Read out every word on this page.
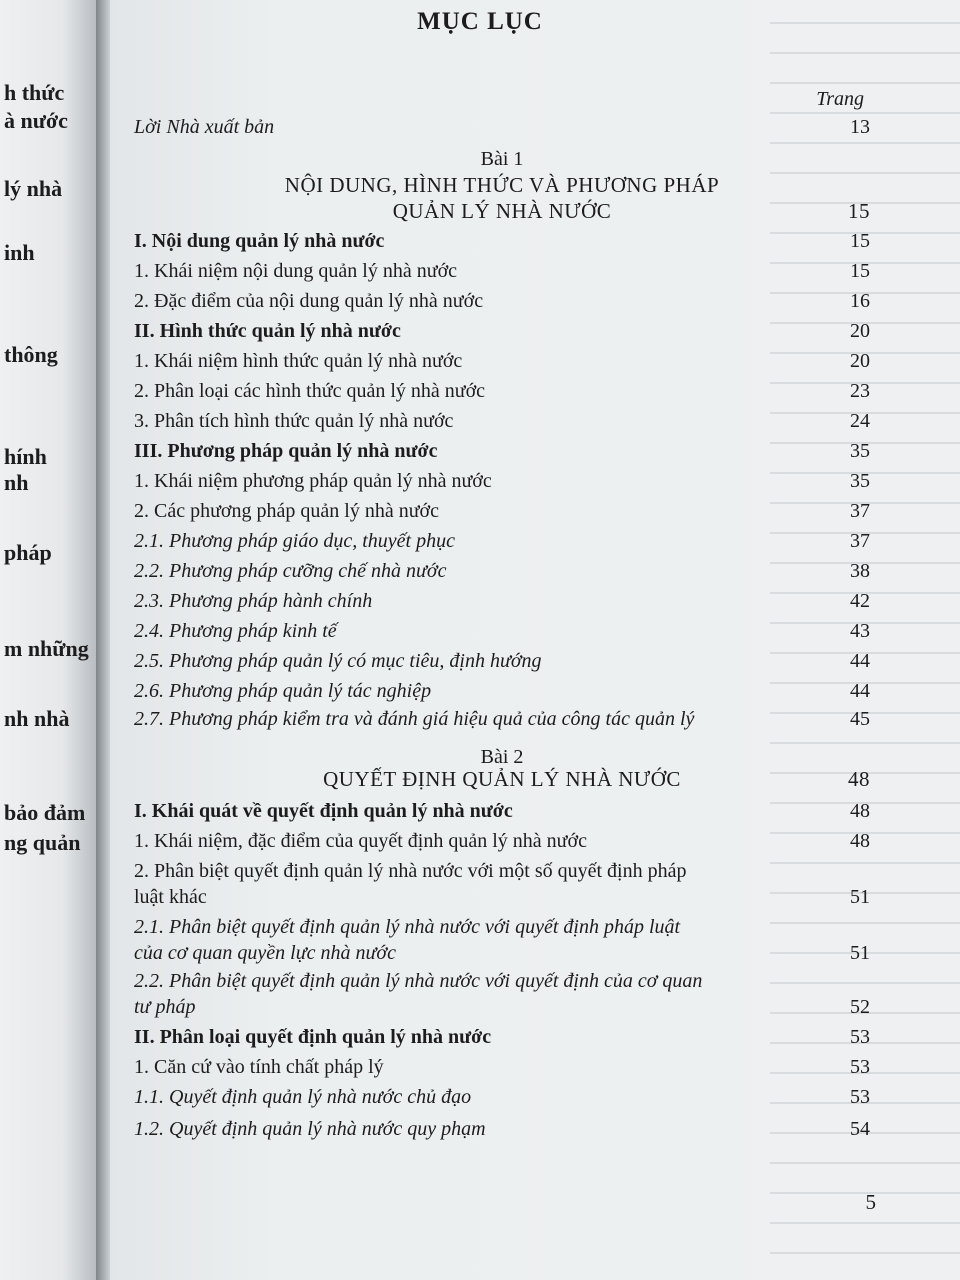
h thức
à nước
lý nhà
inh
thông
hính
nh
pháp
m những
nh nhà
bảo đảm
ng quản
MỤC LỤC
Trang
Lời Nhà xuất bản	13
Bài 1
NỘI DUNG, HÌNH THỨC VÀ PHƯƠNG PHÁP
QUẢN LÝ NHÀ NƯỚC	15
I. Nội dung quản lý nhà nước	15
1. Khái niệm nội dung quản lý nhà nước	15
2. Đặc điểm của nội dung quản lý nhà nước	16
II. Hình thức quản lý nhà nước	20
1. Khái niệm hình thức quản lý nhà nước	20
2. Phân loại các hình thức quản lý nhà nước	23
3. Phân tích hình thức quản lý nhà nước	24
III. Phương pháp quản lý nhà nước	35
1. Khái niệm phương pháp quản lý nhà nước	35
2. Các phương pháp quản lý nhà nước	37
2.1. Phương pháp giáo dục, thuyết phục	37
2.2. Phương pháp cưỡng chế nhà nước	38
2.3. Phương pháp hành chính	42
2.4. Phương pháp kinh tế	43
2.5. Phương pháp quản lý có mục tiêu, định hướng	44
2.6. Phương pháp quản lý tác nghiệp	44
2.7. Phương pháp kiểm tra và đánh giá hiệu quả của công tác quản lý	45
Bài 2
QUYẾT ĐỊNH QUẢN LÝ NHÀ NƯỚC	48
I. Khái quát về quyết định quản lý nhà nước	48
1. Khái niệm, đặc điểm của quyết định quản lý nhà nước	48
2. Phân biệt quyết định quản lý nhà nước với một số quyết định pháp
luật khác	51
2.1. Phân biệt quyết định quản lý nhà nước với quyết định pháp luật
của cơ quan quyền lực nhà nước	51
2.2. Phân biệt quyết định quản lý nhà nước với quyết định của cơ quan
tư pháp	52
II. Phân loại quyết định quản lý nhà nước	53
1. Căn cứ vào tính chất pháp lý	53
1.1. Quyết định quản lý nhà nước chủ đạo	53
1.2. Quyết định quản lý nhà nước quy phạm	54
5
